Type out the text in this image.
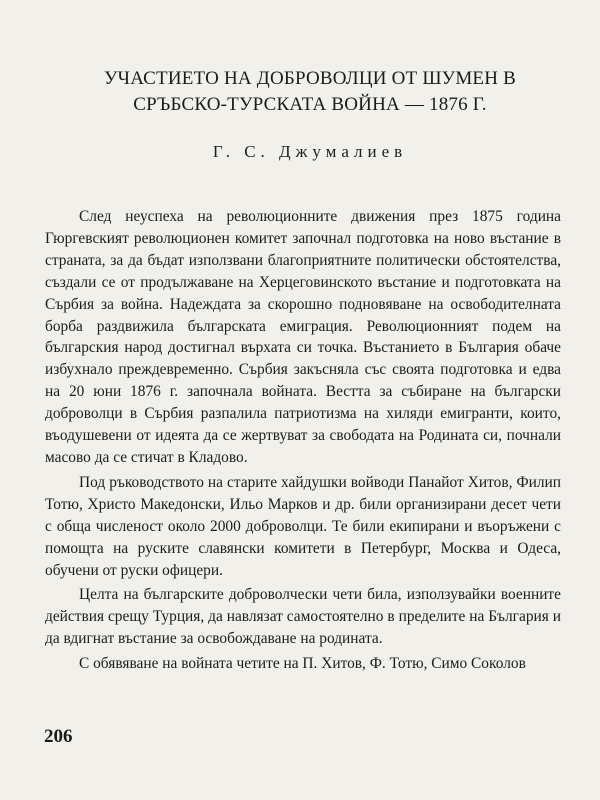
УЧАСТИЕТО НА ДОБРОВОЛЦИ ОТ ШУМЕН В СРЪБСКО-ТУРСКАТА ВОЙНА — 1876 Г.
Г. С. Джумалиев

След неуспеха на революционните движения през 1875 година Гюргевският революционен комитет започнал подготовка на ново въстание в страната, за да бъдат използвани благоприятните политически обстоятелства, създали се от продължаване на Херцеговинското въстание и подготовката на Сърбия за война. Надеждата за скорошно подновяване на освободителната борба раздвижила българската емиграция. Революционният подем на българския народ достигнал върхата си точка. Въстанието в България обаче избухнало преждевременно. Сърбия закъсняла със своята подготовка и едва на 20 юни 1876 г. започнала войната. Вестта за събиране на български доброволци в Сърбия разпалила патриотизма на хиляди емигранти, които, въодушевени от идеята да се жертвуват за свободата на Родината си, почнали масово да се стичат в Кладово.

Под ръководството на старите хайдушки войводи Панайот Хитов, Филип Тотю, Христо Македонски, Ильо Марков и др. били организирани десет чети с обща численост около 2000 доброволци. Те били екипирани и въоръжени с помощта на руските славянски комитети в Петербург, Москва и Одеса, обучени от руски офицери.

Целта на българските доброволчески чети била, използувайки военните действия срещу Турция, да навлязат самостоятелно в пределите на България и да вдигнат въстание за освобождаване на родината.

С обявяване на войната четите на П. Хитов, Ф. Тотю, Симо Соколов

206
